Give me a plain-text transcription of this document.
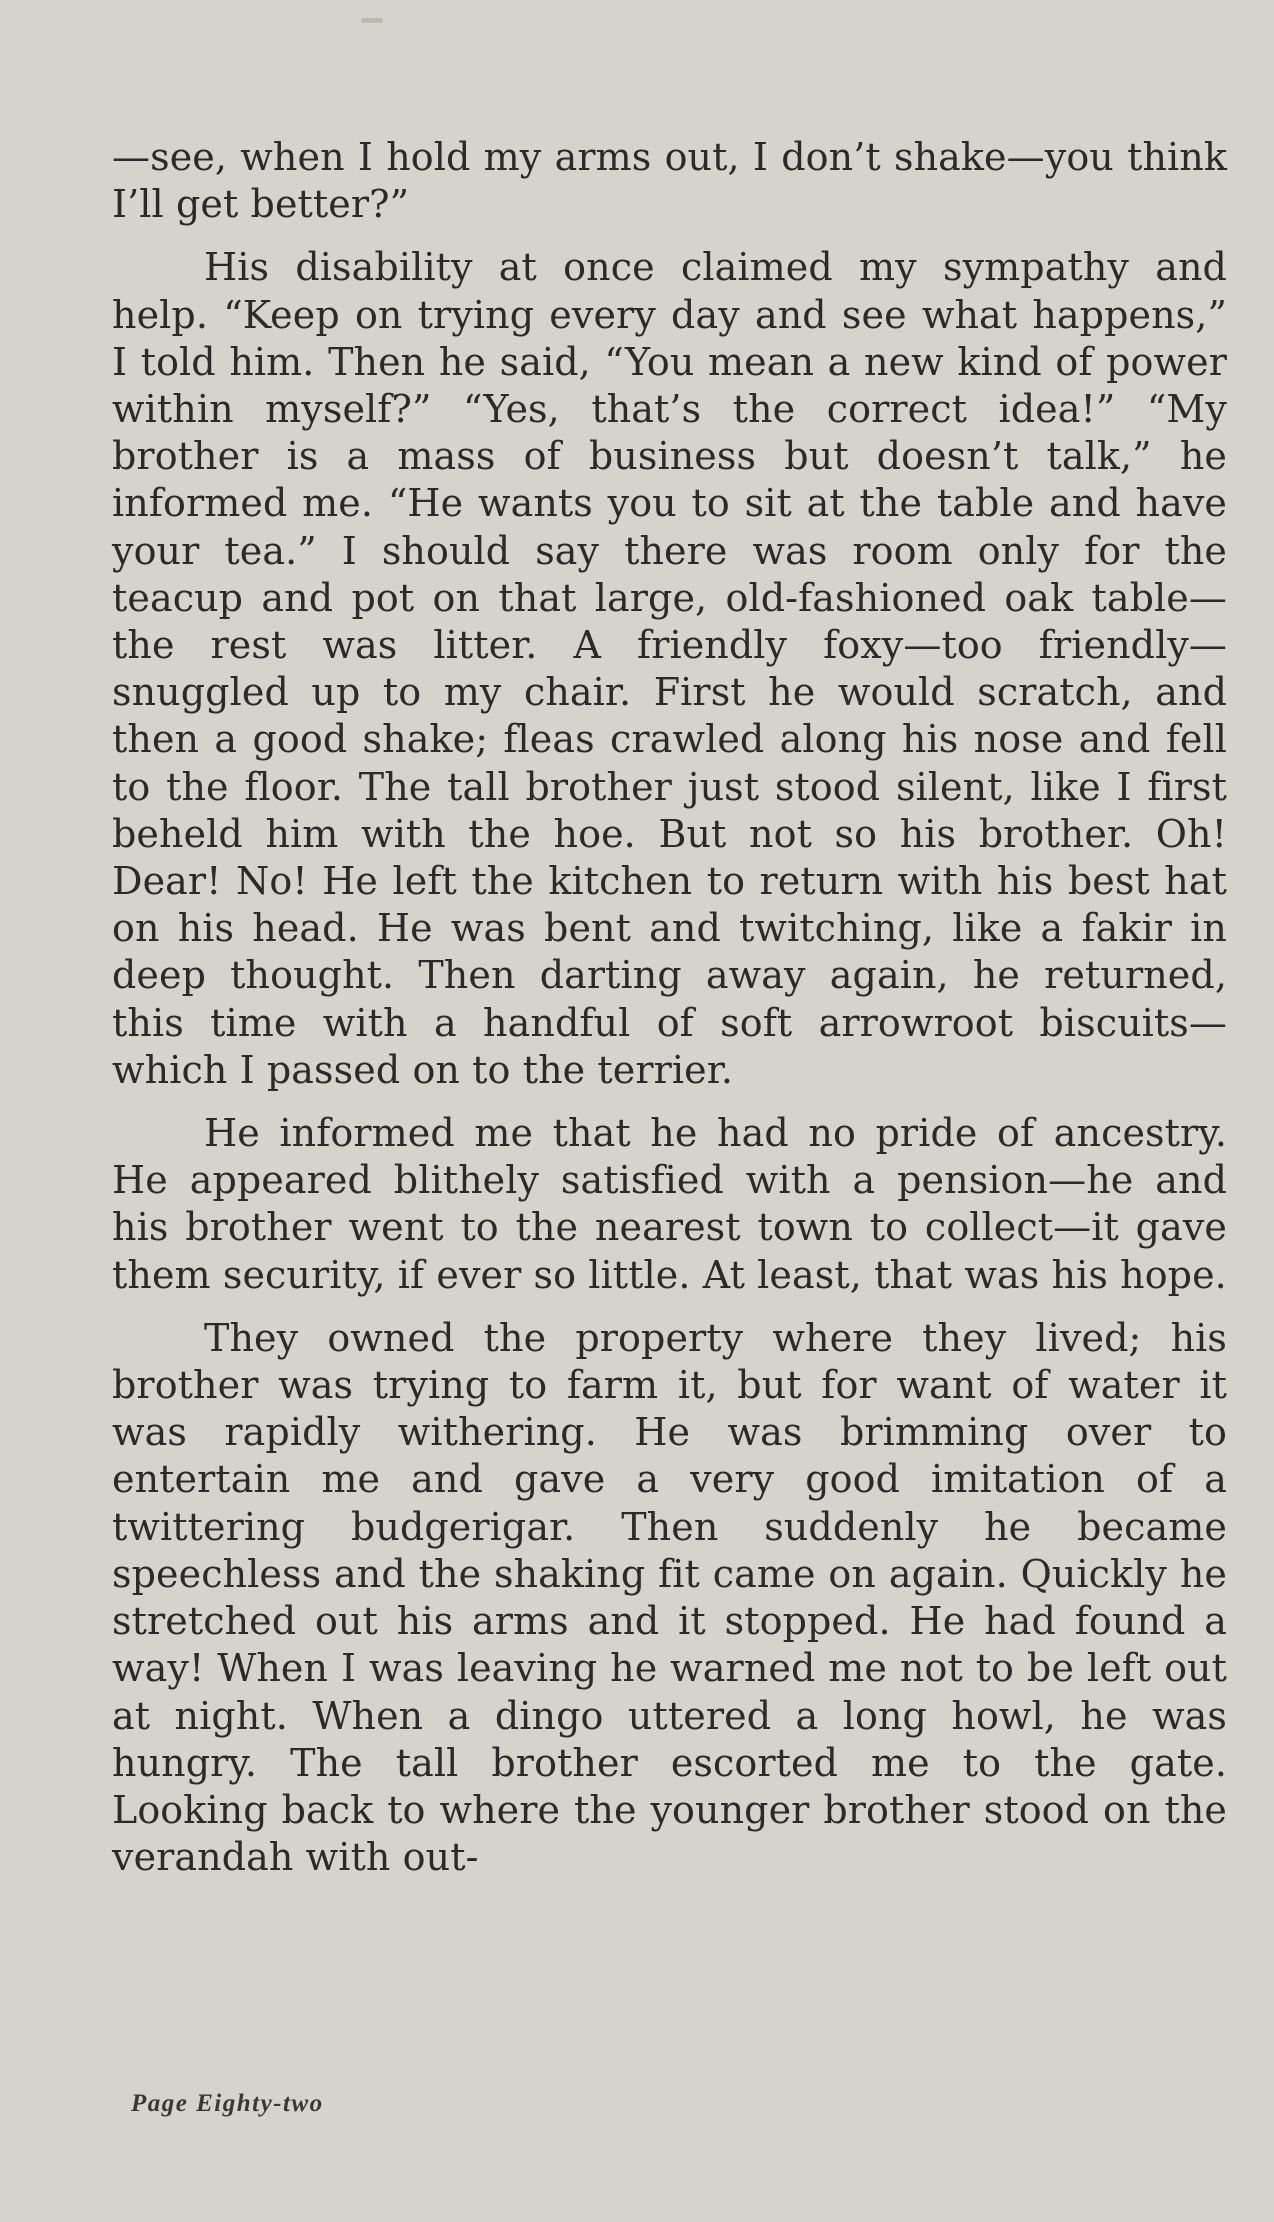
—see, when I hold my arms out, I don’t shake—you think I’ll get better?”

His disability at once claimed my sympathy and help. “Keep on trying every day and see what happens,” I told him. Then he said, “You mean a new kind of power within myself?” “Yes, that’s the correct idea!” “My brother is a mass of business but doesn’t talk,” he informed me. “He wants you to sit at the table and have your tea.” I should say there was room only for the teacup and pot on that large, old-fashioned oak table—the rest was litter. A friendly foxy—too friendly—snuggled up to my chair. First he would scratch, and then a good shake; fleas crawled along his nose and fell to the floor. The tall brother just stood silent, like I first beheld him with the hoe. But not so his brother. Oh! Dear! No! He left the kitchen to return with his best hat on his head. He was bent and twitching, like a fakir in deep thought. Then darting away again, he returned, this time with a handful of soft arrowroot biscuits—which I passed on to the terrier.

He informed me that he had no pride of ancestry. He appeared blithely satisfied with a pension—he and his brother went to the nearest town to collect—it gave them security, if ever so little. At least, that was his hope.

They owned the property where they lived; his brother was trying to farm it, but for want of water it was rapidly withering. He was brimming over to entertain me and gave a very good imitation of a twittering budgerigar. Then suddenly he became speechless and the shaking fit came on again. Quickly he stretched out his arms and it stopped. He had found a way! When I was leaving he warned me not to be left out at night. When a dingo uttered a long howl, he was hungry. The tall brother escorted me to the gate. Looking back to where the younger brother stood on the verandah with out-

Page Eighty-two
